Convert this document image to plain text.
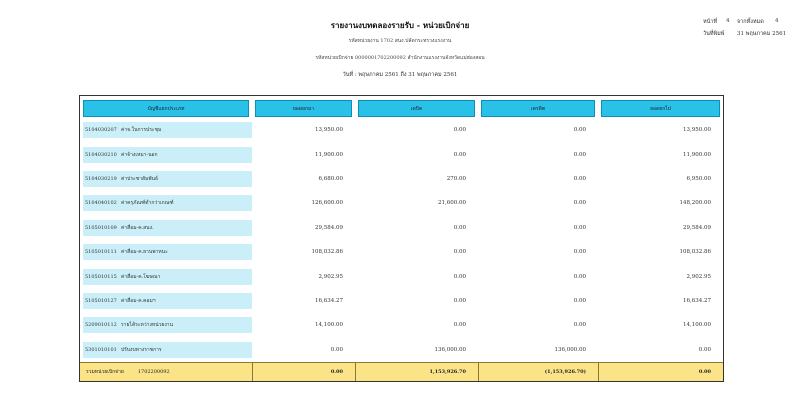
รายงานงบทดลองรายรับ - หน่วยเบิกจ่าย
รหัสหน่วยงาน 1702 สนง.ปลัดกระทรวงแรงงาน
รหัสหน่วยเบิกจ่าย 0000001702200092 สำนักงานแรงงานจังหวัดแม่ฮ่องสอน
วันที่ : พฤษภาคม 2561 ถึง 31 พฤษภาคม 2561
หน้าที่ 4 จากทั้งหมด 4
วันที่พิมพ์ 31 พฤษภาคม 2561
บัญชีแยกประเภท	ยอดยกมา	เดบิต	เครดิต	ยอดยกไป

5104030207 ค่าจ.ในการประชุม	13,950.00	0.00	0.00	13,950.00

5104030210 ค่าจ้างเหมา-นอก	11,900.00	0.00	0.00	11,900.00

5104030219 ค่าประชาสัมพันธ์	6,680.00	270.00	0.00	6,950.00

5104040102 ค่าครุภัณฑ์ต่ำกว่าเกณฑ์	126,600.00	21,600.00	0.00	148,200.00

5105010109 ค่าสื่อม-ค.สนง.	29,584.09	0.00	0.00	29,584.09

5105010111 ค่าสื่อม-ค.ยานพาหนะ	108,032.86	0.00	0.00	108,032.86

5105010115 ค่าสื่อม-ค.โฆษณา	2,902.95	0.00	0.00	2,902.95

5105010127 ค่าสื่อม-ค.คอมฯ	16,634.27	0.00	0.00	16,634.27

5209010112 รายได้ระหว่างหน่วยงาน	14,100.00	0.00	0.00	14,100.00

5301010101 ปรับงบทางราชการ	0.00	136,000.00	136,000.00	0.00
รวมหน่วยเบิกจ่าย 1702200092	0.00	1,153,926.70	(1,153,926.70)	0.00
